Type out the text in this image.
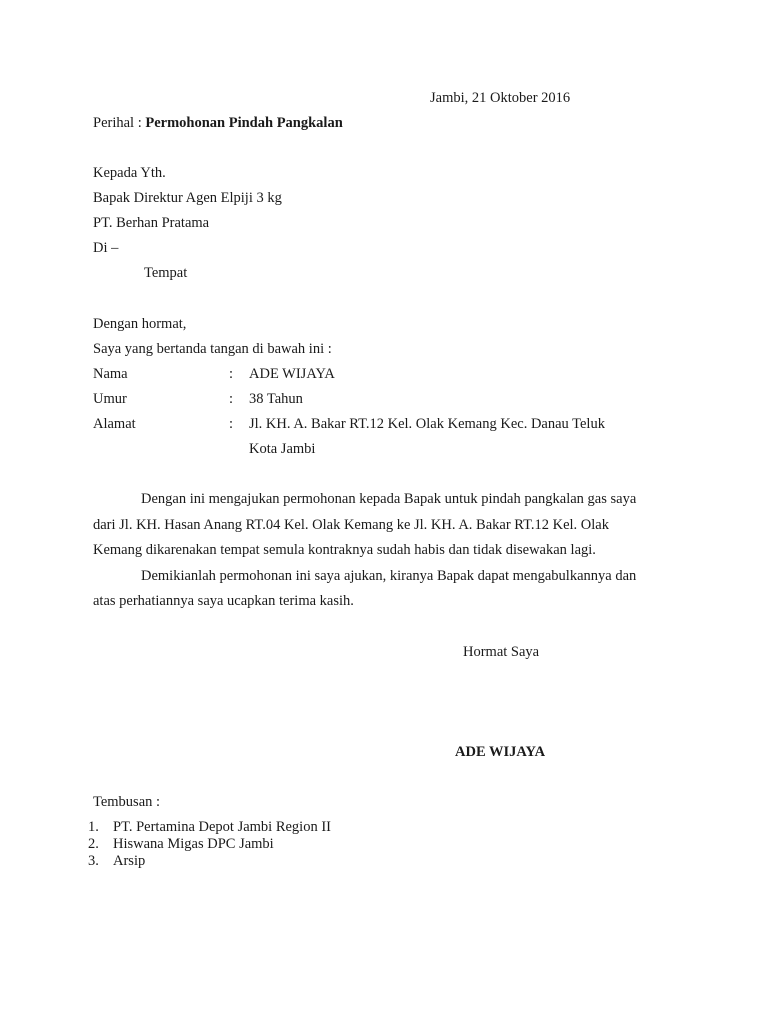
Jambi, 21 Oktober 2016
Perihal : Permohonan Pindah Pangkalan
Kepada Yth.
Bapak Direktur Agen Elpiji 3 kg
PT. Berhan Pratama
Di –
Tempat
Dengan hormat,
Saya yang bertanda tangan di bawah ini :
Nama	: ADE WIJAYA
Umur	: 38 Tahun
Alamat	: Jl. KH. A. Bakar RT.12 Kel. Olak Kemang Kec. Danau Teluk
Kota Jambi
Dengan ini mengajukan permohonan kepada Bapak untuk pindah pangkalan gas saya
dari Jl. KH. Hasan Anang RT.04 Kel. Olak Kemang ke Jl. KH. A. Bakar RT.12 Kel. Olak
Kemang dikarenakan tempat semula kontraknya sudah habis dan tidak disewakan lagi.
Demikianlah permohonan ini saya ajukan, kiranya Bapak dapat mengabulkannya dan
atas perhatiannya saya ucapkan terima kasih.
Hormat Saya
ADE WIJAYA
Tembusan :
1. PT. Pertamina Depot Jambi Region II
2. Hiswana Migas DPC Jambi
3. Arsip
